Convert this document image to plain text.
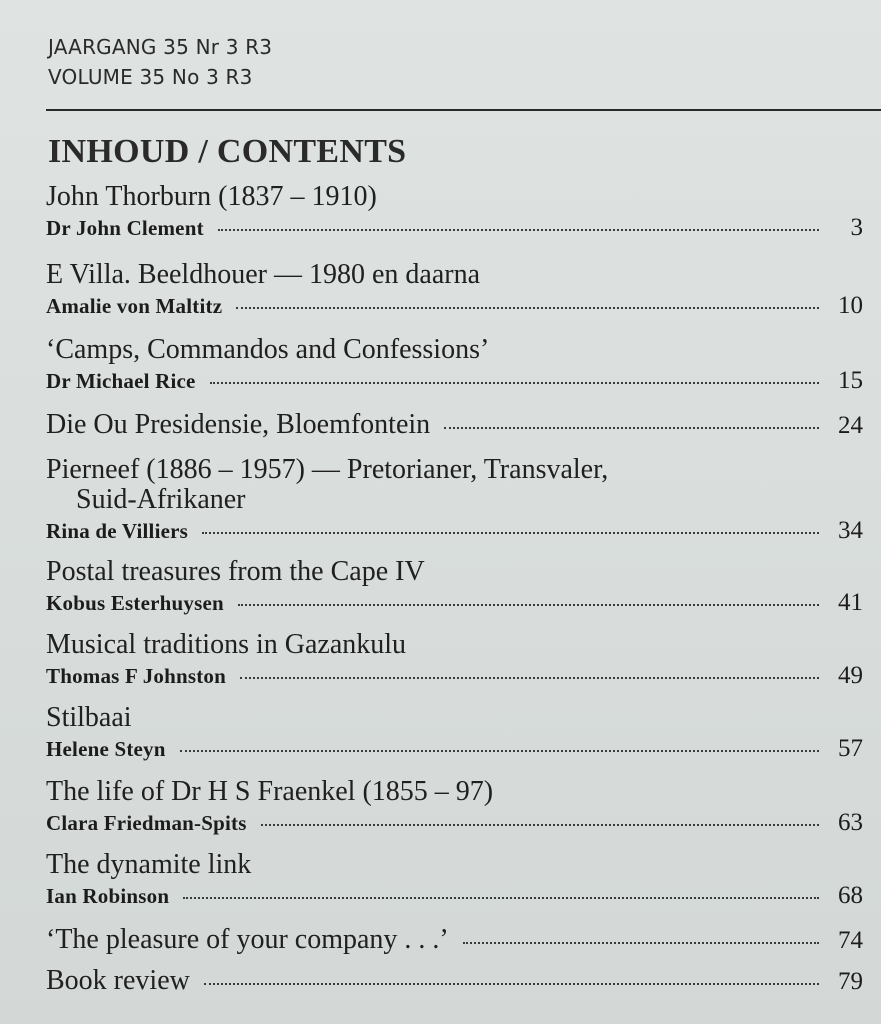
JAARGANG 35 Nr 3 R3
VOLUME 35 No 3 R3
INHOUD / CONTENTS
John Thorburn (1837 – 1910)
Dr John Clement	3
E Villa. Beeldhouer — 1980 en daarna
Amalie von Maltitz	10
‘Camps, Commandos and Confessions’
Dr Michael Rice	15
Die Ou Presidensie, Bloemfontein	24
Pierneef (1886 – 1957) — Pretorianer, Transvaler,
Suid-Afrikaner
Rina de Villiers	34
Postal treasures from the Cape IV
Kobus Esterhuysen	41
Musical traditions in Gazankulu
Thomas F Johnston	49
Stilbaai
Helene Steyn	57
The life of Dr H S Fraenkel (1855 – 97)
Clara Friedman-Spits	63
The dynamite link
Ian Robinson	68
‘The pleasure of your company . . .’	74
Book review	79
